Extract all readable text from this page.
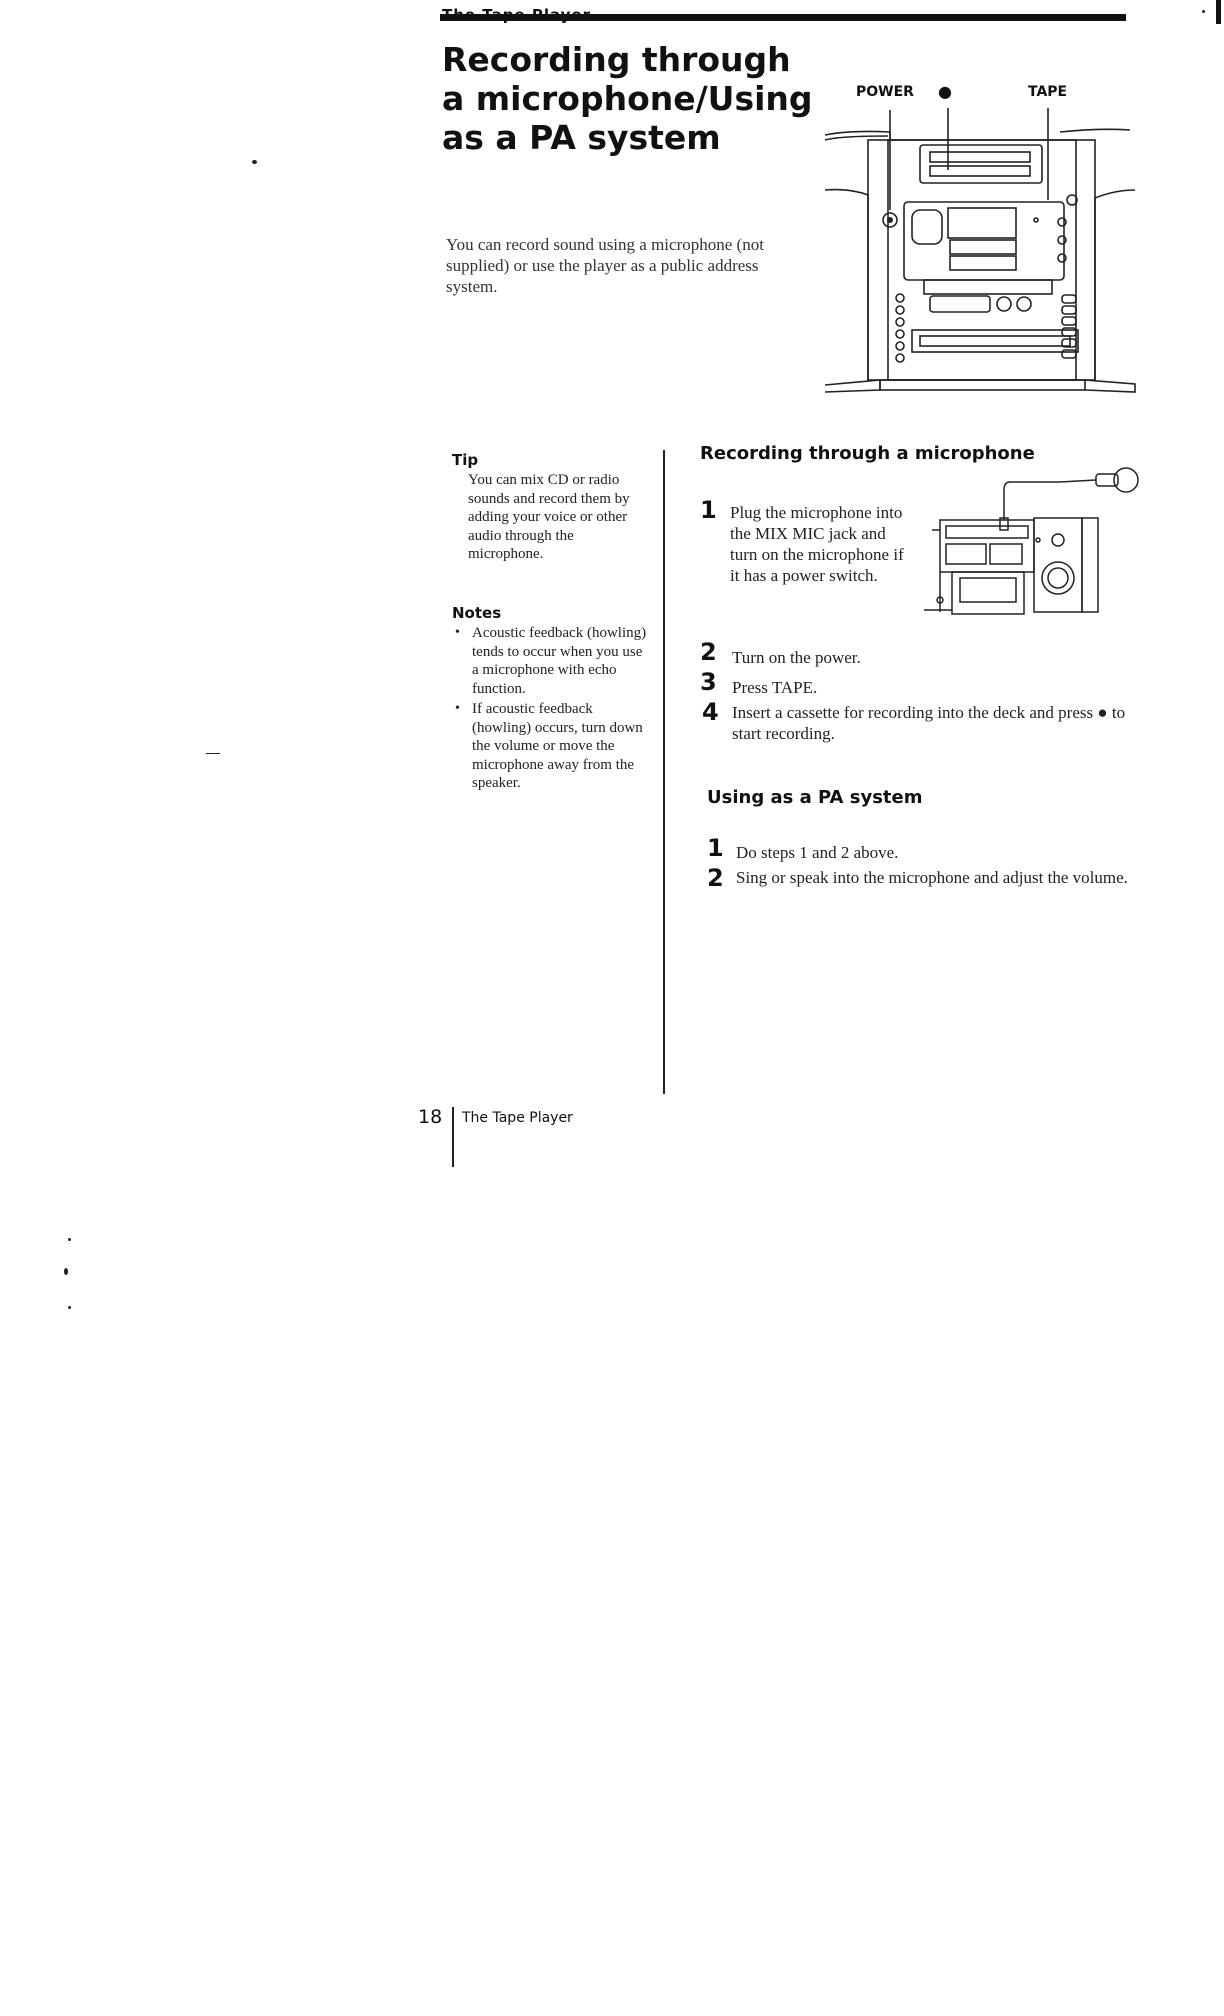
Recording through a microphone/Using as a PA system

You can record sound using a microphone (not supplied) or use the player as a public address system.

POWER ●	TAPE
Tip

You can mix CD or radio sounds and record them by adding your voice or other audio through the microphone.

Notes
• Acoustic feedback (howling) tends to occur when you use a microphone with echo function.
• If acoustic feedback (howling) occurs, turn down the volume or move the microphone away from the speaker.
Recording through a microphone
1 Plug the microphone into the MIX MIC jack and turn on the microphone if it has a power switch.

2 Turn on the power.

3 Press TAPE.

4 Insert a cassette for recording into the deck and press ● to start recording.

Using as a PA system
1 Do steps 1 and 2 above.

2 Sing or speak into the microphone and adjust the volume.

18 The Tape Player
